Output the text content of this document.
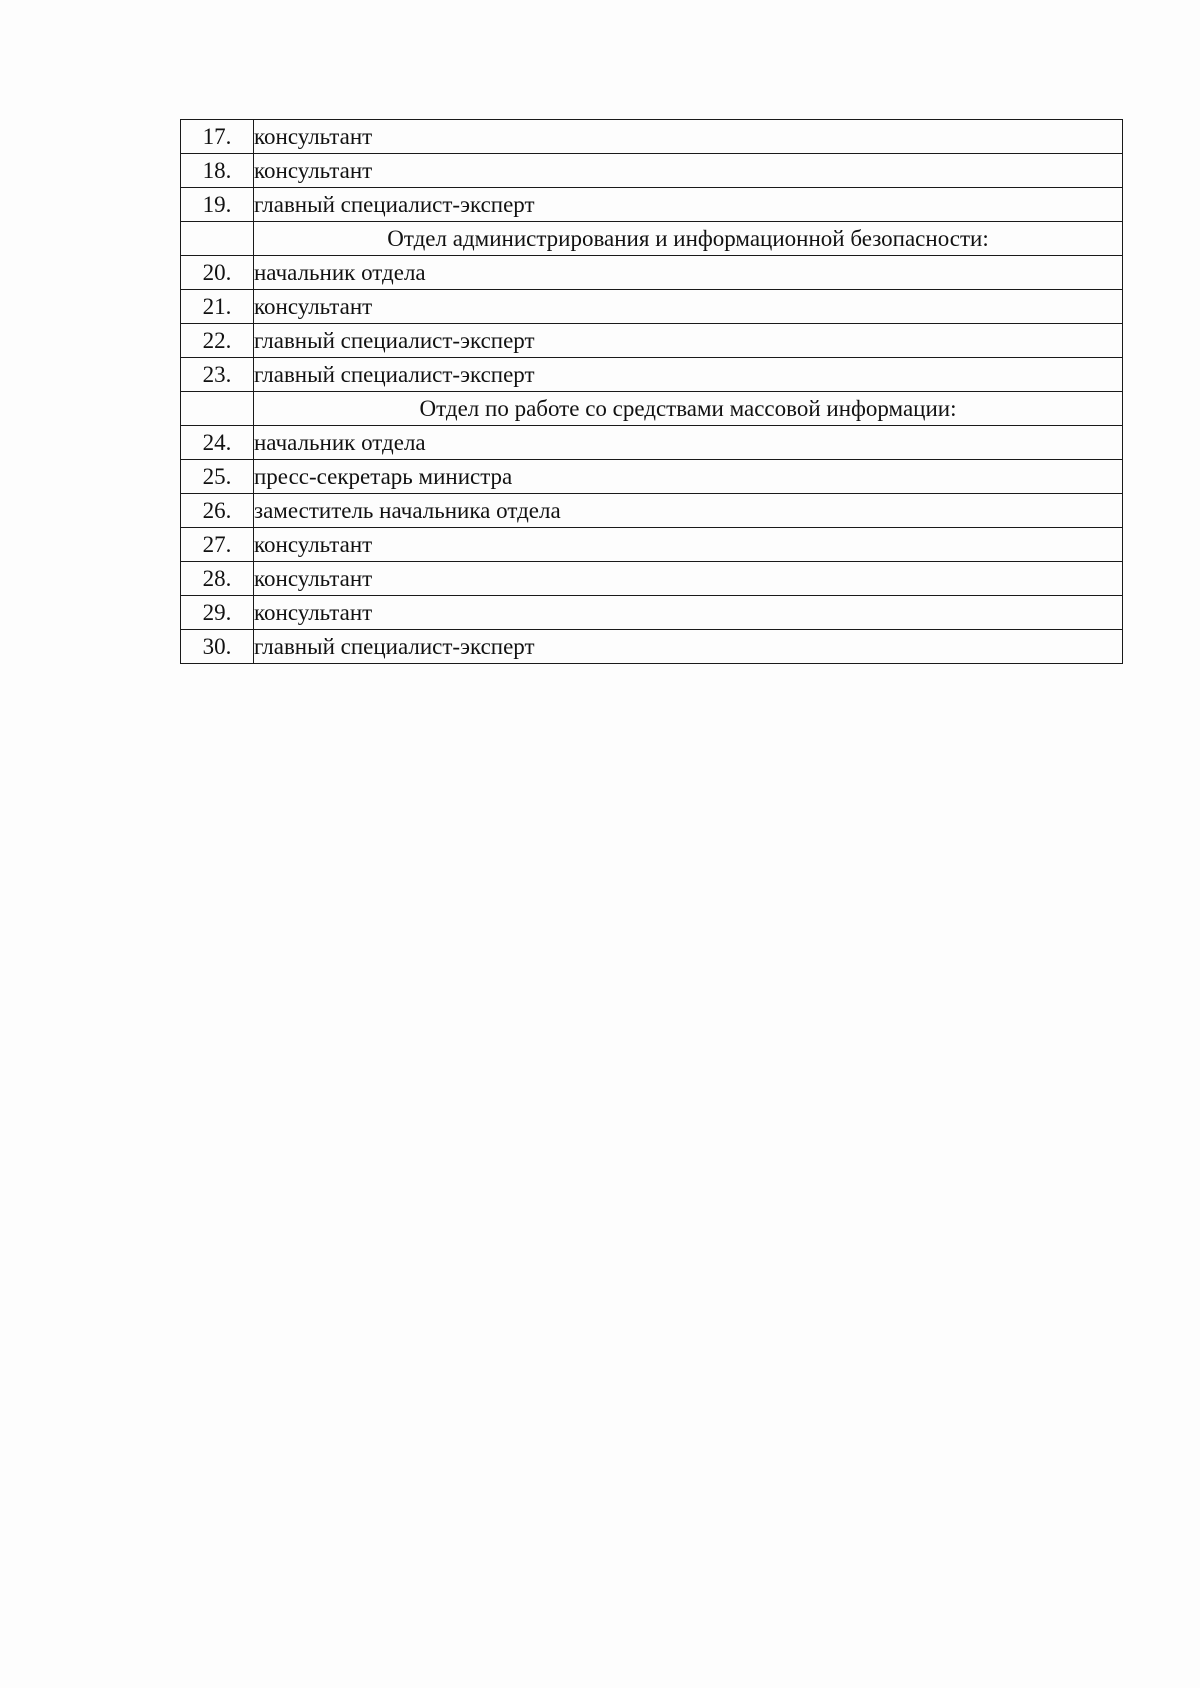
17.	консультант
18.	консультант
19.	главный специалист-эксперт
	Отдел администрирования и информационной безопасности:
20.	начальник отдела
21.	консультант
22.	главный специалист-эксперт
23.	главный специалист-эксперт
	Отдел по работе со средствами массовой информации:
24.	начальник отдела
25.	пресс-секретарь министра
26.	заместитель начальника отдела
27.	консультант
28.	консультант
29.	консультант
30.	главный специалист-эксперт
